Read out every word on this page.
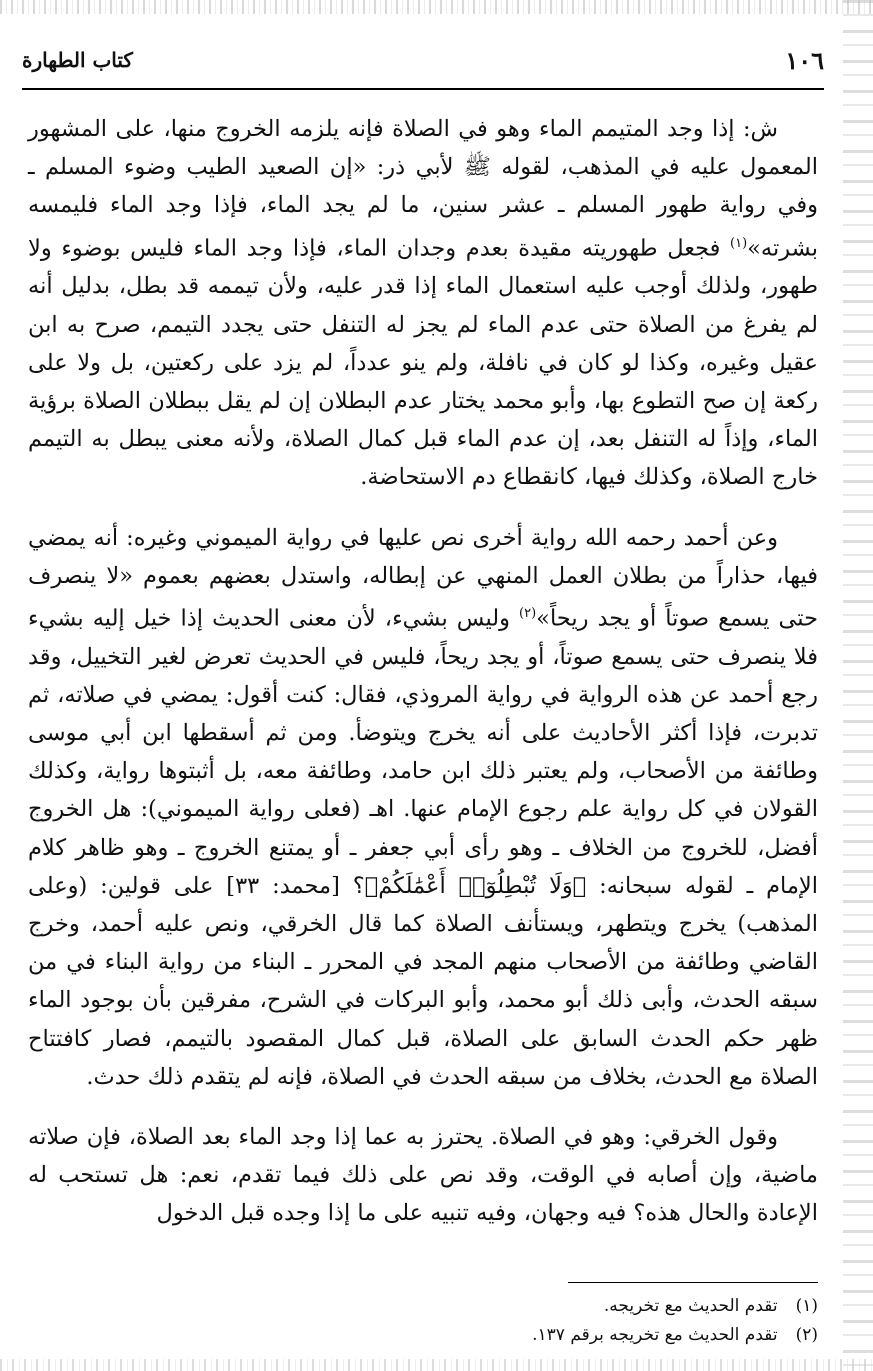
١٠٦
كتاب الطهارة

ش: إذا وجد المتيمم الماء وهو في الصلاة فإنه يلزمه الخروج منها، على المشهور المعمول عليه في المذهب، لقوله ﷺ لأبي ذر: «إن الصعيد الطيب وضوء المسلم ـ وفي رواية طهور المسلم ـ عشر سنين، ما لم يجد الماء، فإذا وجد الماء فليمسه بشرته»$^{(١)}$ فجعل طهوريته مقيدة بعدم وجدان الماء، فإذا وجد الماء فليس بوضوء ولا طهور، ولذلك أوجب عليه استعمال الماء إذا قدر عليه، ولأن تيممه قد بطل، بدليل أنه لم يفرغ من الصلاة حتى عدم الماء لم يجز له التنفل حتى يجدد التيمم، صرح به ابن عقيل وغيره، وكذا لو كان في نافلة، ولم ينو عدداً، لم يزد على ركعتين، بل ولا على ركعة إن صح التطوع بها، وأبو محمد يختار عدم البطلان إن لم يقل ببطلان الصلاة برؤية الماء، وإذاً له التنفل بعد، إن عدم الماء قبل كمال الصلاة، ولأنه معنى يبطل به التيمم خارج الصلاة، وكذلك فيها، كانقطاع دم الاستحاضة.

وعن أحمد رحمه الله رواية أخرى نص عليها في رواية الميموني وغيره: أنه يمضي فيها، حذاراً من بطلان العمل المنهي عن إبطاله، واستدل بعضهم بعموم «لا ينصرف حتى يسمع صوتاً أو يجد ريحاً»$^{(٢)}$ وليس بشيء، لأن معنى الحديث إذا خيل إليه بشيء فلا ينصرف حتى يسمع صوتاً، أو يجد ريحاً، فليس في الحديث تعرض لغير التخييل، وقد رجع أحمد عن هذه الرواية في رواية المروذي، فقال: كنت أقول: يمضي في صلاته، ثم تدبرت، فإذا أكثر الأحاديث على أنه يخرج ويتوضأ. ومن ثم أسقطها ابن أبي موسى وطائفة من الأصحاب، ولم يعتبر ذلك ابن حامد، وطائفة معه، بل أثبتوها رواية، وكذلك القولان في كل رواية علم رجوع الإمام عنها. اهـ (فعلى رواية الميموني): هل الخروج أفضل، للخروج من الخلاف ـ وهو رأى أبي جعفر ـ أو يمتنع الخروج ـ وهو ظاهر كلام الإمام ـ لقوله سبحانه: ﴿وَلَا تُبْطِلُوٓا۟ أَعْمَٰلَكُمْ﴾؟ [محمد: ٣٣] على قولين: (وعلى المذهب) يخرج ويتطهر، ويستأنف الصلاة كما قال الخرقي، ونص عليه أحمد، وخرج القاضي وطائفة من الأصحاب منهم المجد في المحرر ـ البناء من رواية البناء في من سبقه الحدث، وأبى ذلك أبو محمد، وأبو البركات في الشرح، مفرقين بأن بوجود الماء ظهر حكم الحدث السابق على الصلاة، قبل كمال المقصود بالتيمم، فصار كافتتاح الصلاة مع الحدث، بخلاف من سبقه الحدث في الصلاة، فإنه لم يتقدم ذلك حدث.

وقول الخرقي: وهو في الصلاة. يحترز به عما إذا وجد الماء بعد الصلاة، فإن صلاته ماضية، وإن أصابه في الوقت، وقد نص على ذلك فيما تقدم، نعم: هل تستحب له الإعادة والحال هذه؟ فيه وجهان، وفيه تنبيه على ما إذا وجده قبل الدخول

(١)تقدم الحديث مع تخريجه.
(٢)تقدم الحديث مع تخريجه برقم ١٣٧.
